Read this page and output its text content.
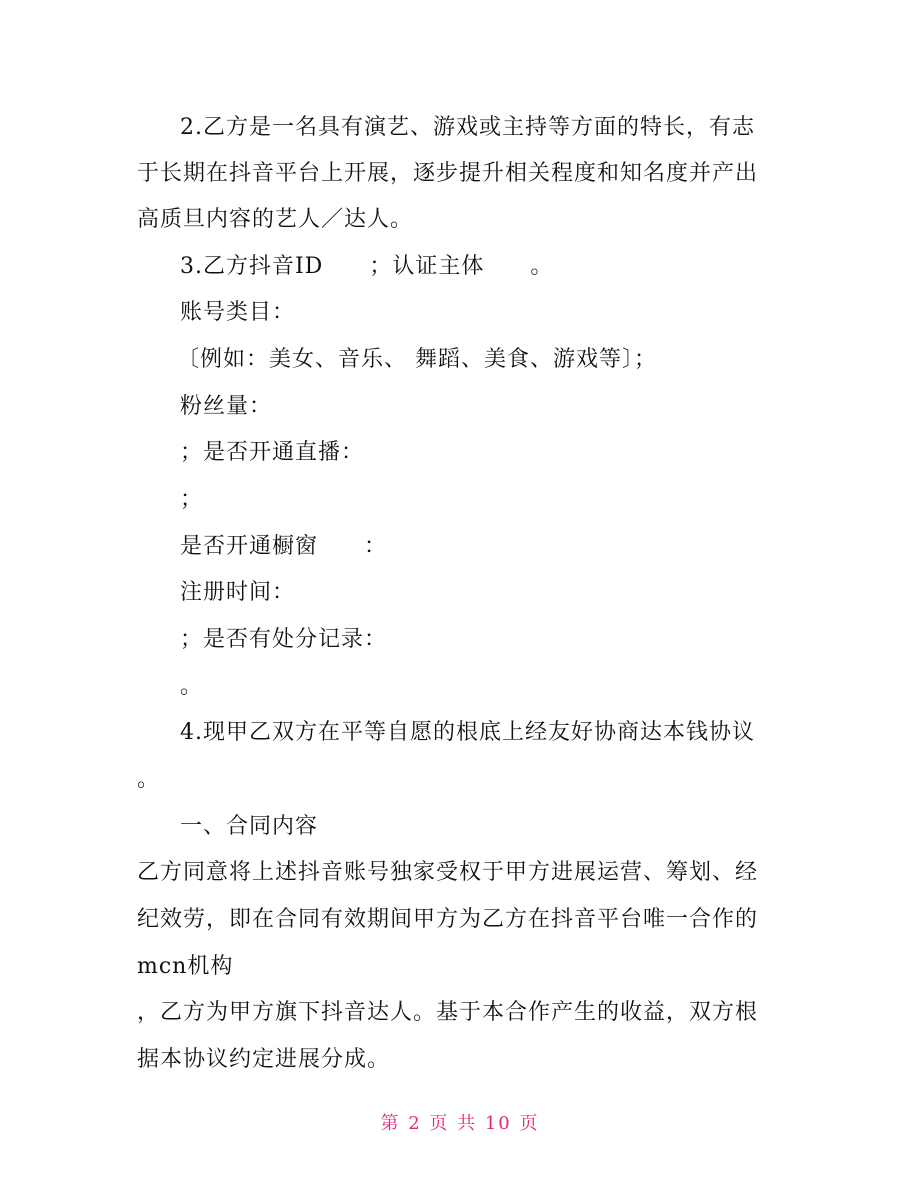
2.乙方是一名具有演艺、游戏或主持等方面的特长，有志
于长期在抖音平台上开展，逐步提升相关程度和知名度并产出
高质旦内容的艺人／达人。
3.乙方抖音ID　　；认证主体　　。
账号类目：
〔例如：美女、音乐、 舞蹈、美食、游戏等〕；
粉丝量：
；是否开通直播：
；
是否开通橱窗　　：
注册时间：
；是否有处分记录：
。
4.现甲乙双方在平等自愿的根底上经友好协商达本钱协议
。
一、合同内容
乙方同意将上述抖音账号独家受权于甲方进展运营、筹划、经
纪效劳，即在合同有效期间甲方为乙方在抖音平台唯一合作的
mcn机构
，乙方为甲方旗下抖音达人。基于本合作产生的收益，双方根
据本协议约定进展分成。
第 2 页 共 10 页
